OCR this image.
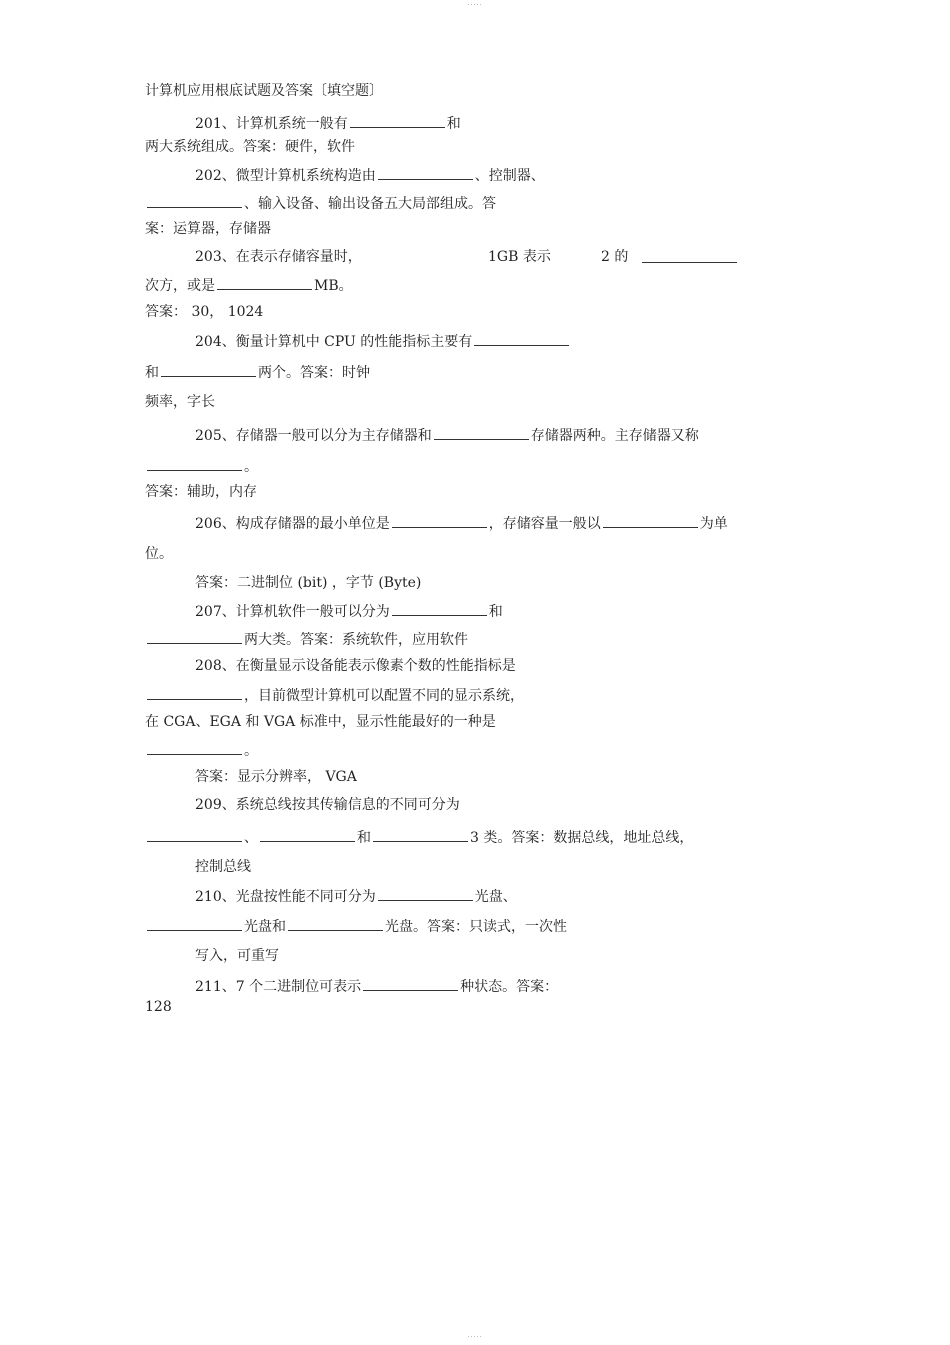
·····
计算机应用根底试题及答案〔填空题〕
201、计算机系统一般有	和
两大系统组成。答案：硬件，软件
202、微型计算机系统构造由	、控制器、
、输入设备、输出设备五大局部组成。答
案：运算器，存储器
203、在表示存储容量时，	1GB 表示	2 的
次方，或是	MB。
答案： 30， 1024
204、衡量计算机中 CPU 的性能指标主要有
和	两个。答案：时钟
频率，字长
205、存储器一般可以分为主存储器和	存储器两种。主存储器又称
。
答案：辅助，内存
206、构成存储器的最小单位是	，存储容量一般以	为单
位。
答案：二进制位 (bit) ，字节 (Byte)
207、计算机软件一般可以分为	和
两大类。答案：系统软件，应用软件
208、在衡量显示设备能表示像素个数的性能指标是
，目前微型计算机可以配置不同的显示系统，
在 CGA、EGA 和 VGA 标准中，显示性能最好的一种是
。
答案：显示分辨率， VGA
209、系统总线按其传输信息的不同可分为
、	和	3 类。答案：数据总线，地址总线，
控制总线
210、光盘按性能不同可分为	光盘、
光盘和	光盘。答案：只读式，一次性
写入，可重写
211、7 个二进制位可表示	种状态。答案：
128
·····
